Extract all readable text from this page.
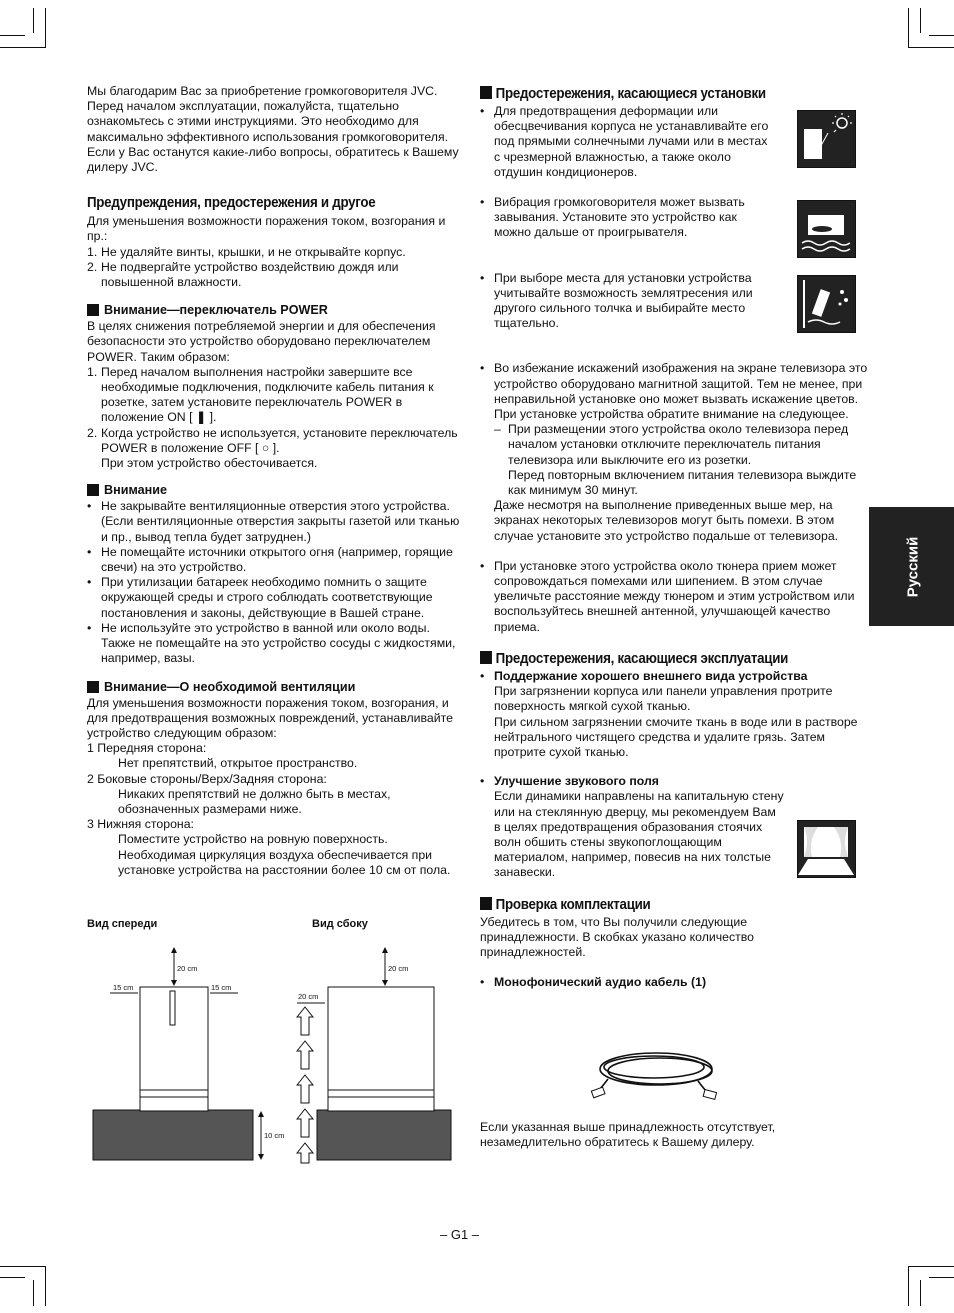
Мы благодарим Вас за приобретение громкоговорителя JVC. Перед началом эксплуатации, пожалуйста, тщательно ознакомьтесь с этими инструкциями. Это необходимо для максимально эффективного использования громкоговорителя. Если у Вас останутся какие-либо вопросы, обратитесь к Вашему дилеру JVC.

Предупреждения, предостережения и другое

Для уменьшения возможности поражения током, возгорания и пр.:

1. Не удаляйте винты, крышки, и не открывайте корпус.
2. Не подвергайте устройство воздействию дождя или повышенной влажности.

Внимание—переключатель POWER

В целях снижения потребляемой энергии и для обеспечения безопасности это устройство оборудовано переключателем POWER. Таким образом:

1. Перед началом выполнения настройки завершите все необходимые подключения, подключите кабель питания к розетке, затем установите переключатель POWER в положение ON [ ❚ ].
2. Когда устройство не используется, установите переключатель POWER в положение OFF [ ○ ].

При этом устройство обесточивается.

Внимание

• Не закрывайте вентиляционные отверстия этого устройства. (Если вентиляционные отверстия закрыты газетой или тканью и пр., вывод тепла будет затруднен.)
• Не помещайте источники открытого огня (например, горящие свечи) на это устройство.
• При утилизации батареек необходимо помнить о защите окружающей среды и строго соблюдать соответствующие постановления и законы, действующие в Вашей стране.
• Не используйте это устройство в ванной или около воды. Также не помещайте на это устройство сосуды с жидкостями, например, вазы.

Внимание—О необходимой вентиляции

Для уменьшения возможности поражения током, возгорания, и для предотвращения возможных повреждений, устанавливайте устройство следующим образом:

1 Передняя сторона:

Нет препятствий, открытое пространство.

2 Боковые стороны/Верх/Задняя сторона:

Никаких препятствий не должно быть в местах, обозначенных размерами ниже.

3 Нижняя сторона:

Поместите устройство на ровную поверхность. Необходимая циркуляция воздуха обеспечивается при установке устройства на расстоянии более 10 см от пола.

Вид спереди	Вид сбоку
20 cm
15 cm	15 cm
10 cm
20 cm
20 cm

Предостережения, касающиеся установки

• Для предотвращения деформации или обесцвечивания корпуса не устанавливайте его под прямыми солнечными лучами или в местах с чрезмерной влажностью, а также около отдушин кондиционеров.
• Вибрация громкоговорителя может вызвать завывания. Установите это устройство как можно дальше от проигрывателя.
• При выборе места для установки устройства учитывайте возможность землятресения или другого сильного толчка и выбирайте место тщательно.
• Во избежание искажений изображения на экране телевизора это устройство оборудовано магнитной защитой. Тем не менее, при неправильной установке оно может вызвать искажение цветов. При установке устройства обратите внимание на следующее.
– При размещении этого устройства около телевизора перед началом установки отключите переключатель питания телевизора или выключите его из розетки.
Перед повторным включением питания телевизора выждите как минимум 30 минут.

Даже несмотря на выполнение приведенных выше мер, на экранах некоторых телевизоров могут быть помехи. В этом случае установите это устройство подальше от телевизора.

• При установке этого устройства около тюнера прием может сопровождаться помехами или шипением. В этом случае увеличьте расстояние между тюнером и этим устройством или воспользуйтесь внешней антенной, улучшающей качество приема.

Предостережения, касающиеся эксплуатации

• Поддержание хорошего внешнего вида устройства
При загрязнении корпуса или панели управления протрите поверхность мягкой сухой тканью.
При сильном загрязнении смочите ткань в воде или в растворе нейтрального чистящего средства и удалите грязь. Затем протрите сухой тканью.
• Улучшение звукового поля
Если динамики направлены на капитальную стену или на стеклянную дверцу, мы рекомендуем Вам в целях предотвращения образования стоячих волн обшить стены звукопоглощающим материалом, например, повесив на них толстые занавески.

Проверка комплектации

Убедитесь в том, что Вы получили следующие принадлежности. В скобках указано количество принадлежностей.

• Монофонический аудио кабель (1)
Если указанная выше принадлежность отсутствует, незамедлительно обратитесь к Вашему дилеру.
Русский
– G1 –
